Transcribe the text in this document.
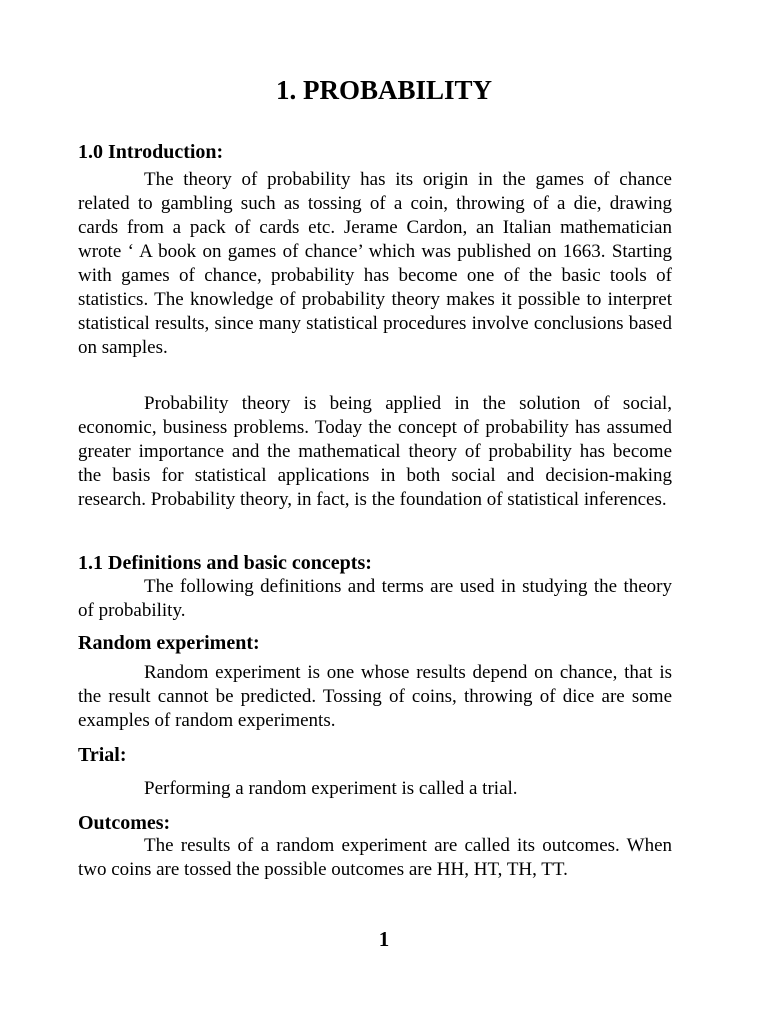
1. PROBABILITY
1.0 Introduction:
The theory of probability has its origin in the games of chance related to gambling such as tossing of a coin, throwing of a die, drawing cards from a pack of cards etc. Jerame Cardon, an Italian mathematician wrote ‘ A book on games of chance’ which was published on 1663. Starting with games of chance, probability has become one of the basic tools of statistics. The knowledge of probability theory makes it possible to interpret statistical results, since many statistical procedures involve conclusions based on samples.
Probability theory is being applied in the solution of social, economic, business problems. Today the concept of probability has assumed greater importance and the mathematical theory of probability has become the basis for statistical applications in both social and decision-making research. Probability theory, in fact, is the foundation of statistical inferences.
1.1 Definitions and basic concepts:
The following definitions and terms are used in studying the theory of probability.
Random experiment:
Random experiment is one whose results depend on chance, that is the result cannot be predicted. Tossing of coins, throwing of dice are some examples of random experiments.
Trial:
Performing a random experiment is called a trial.
Outcomes:
The results of a random experiment are called its outcomes. When two coins are tossed the possible outcomes are HH, HT, TH, TT.
1
